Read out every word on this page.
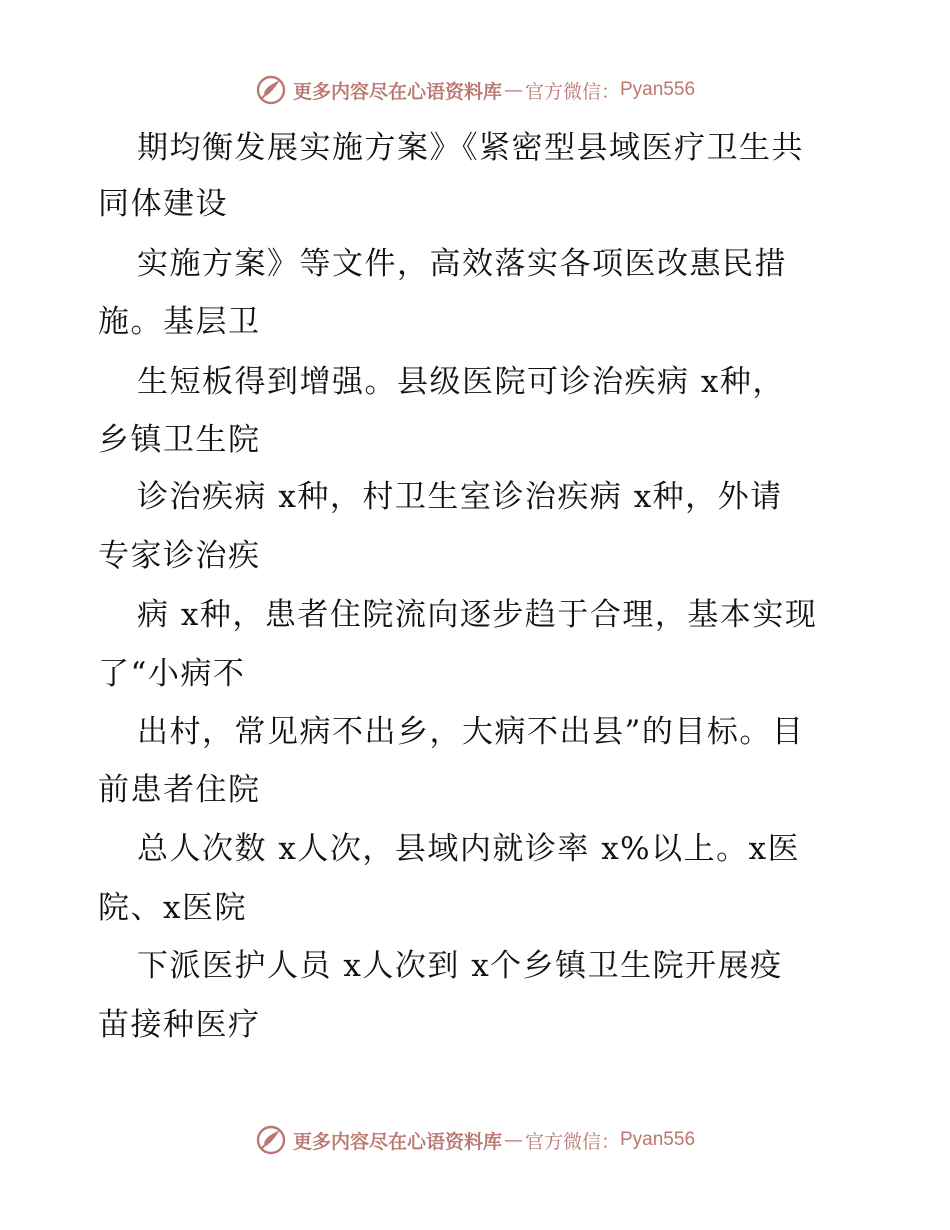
更多内容尽在心语资料库 — 官方微信： Pyan556
期均衡发展实施方案》《紧密型县域医疗卫生共
同体建设
实施方案》等文件，高效落实各项医改惠民措
施。基层卫
生短板得到增强。县级医院可诊治疾病 x种，
乡镇卫生院
诊治疾病 x种，村卫生室诊治疾病 x种，外请
专家诊治疾
病 x种，患者住院流向逐步趋于合理，基本实现
了“小病不
出村，常见病不出乡，大病不出县”的目标。目
前患者住院
总人次数 x人次，县域内就诊率 x%以上。x医
院、x医院
下派医护人员 x人次到 x个乡镇卫生院开展疫
苗接种医疗
更多内容尽在心语资料库 — 官方微信： Pyan556
